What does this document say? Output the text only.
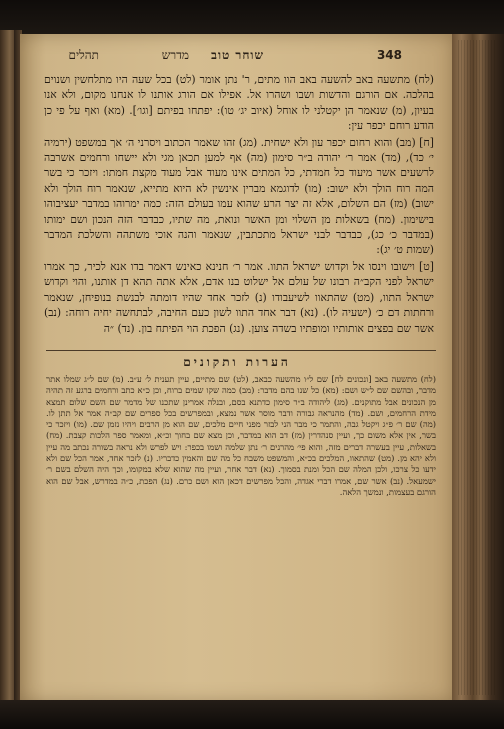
348
שוחר טוב
מדרש
תהלים

(לח) מתשעה באב להשעה באב הוו מתים, ר' נתן אומר (לט) בכל שעה היו מתלחשין ושנוים בהלכה. אם הורגם והדשות ושבו ושהרו אל. אפילו אם הורג אותנו לו אנחנו מקום, ולא אנו בעיון, (מ) שנאמר הן יקטלני לו אוחל (איוב יג׳ טו): יפתחו בפיתם [וגו׳]. (מא) ואף על פי כן הודע רוחם יכפר עין:

[ח] (מב) והוא רחום יכפר עון ולא ישחית. (מג) זהו שאמר הכתוב ויסרני ה׳ אך במשפט (ירמיה י׳ כד), (מד) אמר ר׳ יהודה ב״ר סימון (מה) אף למען תכאן מגי ולא יישחו ורחמים אשרבה לרשעים אשר מיעוד כל חמדתי, כל המתים אינו מעוד אבל מעוד מקצת חמתו: ויזכר כי בשר המה רוח הולך ולא ישוב: (מו) לדוגמא מברין אינשין לא היוא מתייא, שנאמר רוח הולך ולא ישוב) (מז) הם השלום, אלא זה יצר הרע שהוא עמו בעולם הזה: כמה ימרוהו במדבר יעציבוהו בישימון. (מח) בשאלות מן השלוי ומן האשר ונואת, מה שתיו, כבדבר הזה הנכון ושם ימותו (במדבר כ׳ כג), כבדבר לבני ישראל מתכתבין, שנאמר והנה אוכי משתהה והשלכת המדבר (שמות ט׳ יג):

[ט] וישובו וינסו אל וקדוש ישראל התוו. אמר ר׳ חנינא כאינש דאמר בדו אנא לכיר, כך אמרו ישראל לפני הקב״ה רבונו של עולם אל ישלוט בנו אדם, אלא אתה תהא דן אותנו, והוי וקדוש ישראל התוו, (מט) שהתאוו לשיעבודו (נ) לזכר אחד שהיו דומתה לבנשת בנופיחן, שנאמר ורחתות דם כ׳ (ישעיה לו). (נא) דבר אחד התוו לשון כעם החיבה, לבתחשה יחיה רוחה: (נב) אשר שם בפצים אותותיו ומופתיו בשדה צוען. (נג) הפכת הוי הפיתח בון. (נד) ״ה

הערות ותקונים
(לח) מתשעה באב [ונכונים לח] שם ל״ו מהשעה כבאב, (לט) שם מתיים, עיין תענית ל׳ ע״ב. (מ) שם ל״ג שמלו אתר מדבר, ובהשם שם ל״ש ושם: (מא) כל שנו בהם מדבר: (מב) כמה שקו שמים ברוח, וכן כ״א כתב ורחמים ברגע זה תהיה מן הנכונים אבל מתוקנים. (מג) ליהודה ב״ר סימון כדתנא בסם, ובנלה אמרינן שתכנו של מדמר שם השם שלום תמצא מידת הרחמים, ושם. (מד) מהנראה גבורה ודבר מוסר אשר נמצא, ובמפרשים בכל ספרים שם קב״ה אמר אל תתן לו. (מה) שם ר׳ פ״ג ויקטל גבה, והתמר כי מבר הני לבזר מפני חיים מלכים, שם הוא מן הרבים ויהיו נזמן שם. (מו) ויזכר כי בשר, אין אלא משום כך, ועיין סנהדרין (מז) דב הוא במדבר, וכן מצא שם בחוך וכ״א, ומאמר ספר הלכות קצבת. (מח) בשאלות, עיין בעשרה דברים מזה, והוא פי׳ מהרנים ר׳ נתן שלמה ושמו בכפר: ויש לפרש ולא נראה בשורה נכתב מה עיין ולא יהא מן. (מט) שהתאוו, המלכים בכ״א, והמשפט משבח כל מה שם והאמין כדבריו. (נ) לזכר אחד, אמר הכל שם ולא ידעו כל צרכו, ולכן המלה שם הכל ומנת בסמוך. (נא) דבר אחר, ועיין מה שהוא שלא במקומו, וכך היה השלם בשם ר׳ ישמעאל. (נב) אשר שם, אמרו דברי אגדה, והכל מפרשים דכאן הוא ושם כרם. (נג) הפכת, כ״ה במדרש, אבל שם הוא הורגם בעצמות, ונמשך הלאה.
